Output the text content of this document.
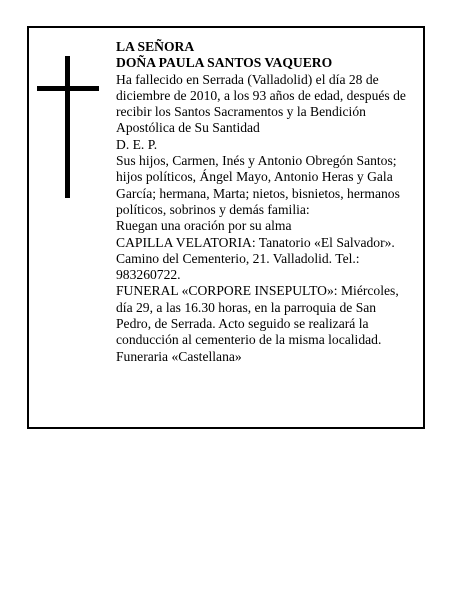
LA SEÑORA
DOÑA PAULA SANTOS VAQUERO
Ha fallecido en Serrada (Valladolid) el día 28 de diciembre de 2010, a los 93 años de edad, después de recibir los Santos Sacramentos y la Bendición Apostólica de Su Santidad
D. E. P.
Sus hijos, Carmen, Inés y Antonio Obregón Santos; hijos políticos, Ángel Mayo, Antonio Heras y Gala García; hermana, Marta; nietos, bisnietos, hermanos políticos, sobrinos y demás familia:
Ruegan una oración por su alma
CAPILLA VELATORIA: Tanatorio «El Salvador». Camino del Cementerio, 21. Valladolid. Tel.: 983260722.
FUNERAL «CORPORE INSEPULTO»: Miércoles, día 29, a las 16.30 horas, en la parroquia de San Pedro, de Serrada. Acto seguido se realizará la conducción al cementerio de la misma localidad.
Funeraria «Castellana»
